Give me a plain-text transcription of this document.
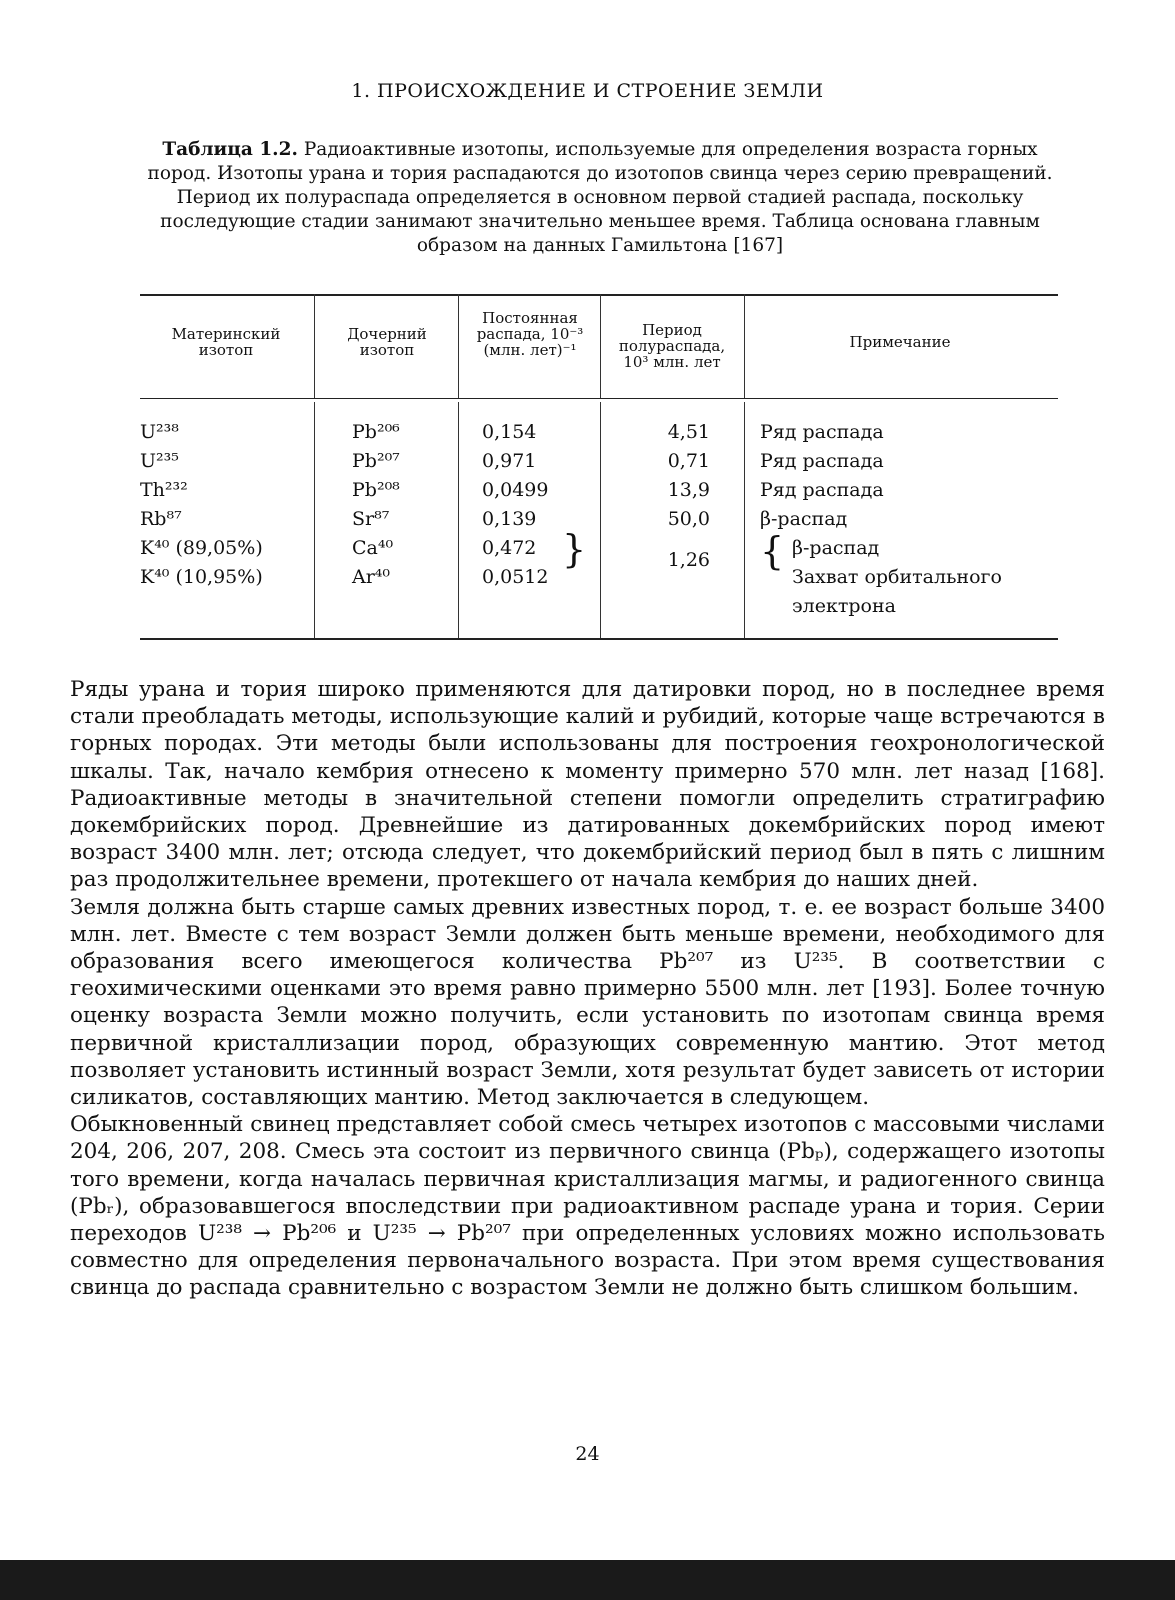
1. ПРОИСХОЖДЕНИЕ И СТРОЕНИЕ ЗЕМЛИ
Таблица 1.2. Радиоактивные изотопы, используемые для определения возраста горных пород. Изотопы урана и тория распадаются до изотопов свинца через серию превращений. Период их полураспада определяется в основном первой стадией распада, поскольку последующие стадии занимают значительно меньшее время. Таблица основана главным образом на данных Гамильтона [167]
Материнский изотоп
Дочерний изотоп
Постоянная распада, 10⁻³ (млн. лет)⁻¹
Период полураспада, 10³ млн. лет
Примечание
U²³⁸
U²³⁵
Th²³²
Rb⁸⁷
K⁴⁰ (89,05%)
K⁴⁰ (10,95%)
Pb²⁰⁶
Pb²⁰⁷
Pb²⁰⁸
Sr⁸⁷
Ca⁴⁰
Ar⁴⁰
0,154
0,971
0,0499
0,139
0,472
0,0512
}
4,51
0,71
13,9
50,0
1,26
Ряд распада
Ряд распада
Ряд распада
β-распад
β-распад
Захват орбитального электрона
{

Ряды урана и тория широко применяются для датировки пород, но в последнее время стали преобладать методы, использующие калий и рубидий, которые чаще встречаются в горных породах. Эти методы были использованы для построения геохронологической шкалы. Так, начало кембрия отнесено к моменту примерно 570 млн. лет назад [168]. Радиоактивные методы в значительной степени помогли определить стратиграфию докембрийских пород. Древнейшие из датированных докембрийских пород имеют возраст 3400 млн. лет; отсюда следует, что докембрийский период был в пять с лишним раз продолжительнее времени, протекшего от начала кембрия до наших дней.

Земля должна быть старше самых древних известных пород, т. е. ее возраст больше 3400 млн. лет. Вместе с тем возраст Земли должен быть меньше времени, необходимого для образования всего имеющегося количества Pb²⁰⁷ из U²³⁵. В соответствии с геохимическими оценками это время равно примерно 5500 млн. лет [193]. Более точную оценку возраста Земли можно получить, если установить по изотопам свинца время первичной кристаллизации пород, образующих современную мантию. Этот метод позволяет установить истинный возраст Земли, хотя результат будет зависеть от истории силикатов, составляющих мантию. Метод заключается в следующем.

Обыкновенный свинец представляет собой смесь четырех изотопов с массовыми числами 204, 206, 207, 208. Смесь эта состоит из первичного свинца (Pbₚ), содержащего изотопы того времени, когда началась первичная кристаллизация магмы, и радиогенного свинца (Pbᵣ), образовавшегося впоследствии при радиоактивном распаде урана и тория. Серии переходов U²³⁸ → Pb²⁰⁶ и U²³⁵ → Pb²⁰⁷ при определенных условиях можно использовать совместно для определения первоначального возраста. При этом время существования свинца до распада сравнительно с возрастом Земли не должно быть слишком большим.

24
